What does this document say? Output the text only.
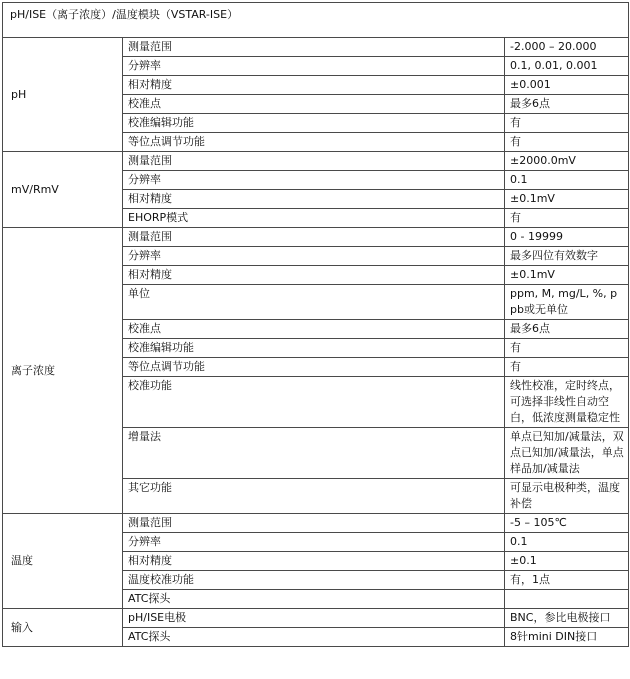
pH/ISE（离子浓度）/温度模块（VSTAR-ISE）		
pH	测量范围	-2.000 – 20.000
	分辨率	0.1, 0.01, 0.001
	相对精度	±0.001
	校准点	最多6点
	校准编辑功能	有
	等位点调节功能	有
mV/RmV	测量范围	±2000.0mV
	分辨率	0.1
	相对精度	±0.1mV
	EHORP模式	有
离子浓度	测量范围	0 - 19999
	分辨率	最多四位有效数字
	相对精度	±0.1mV
	单位	ppm, M, mg/L, %, ppb或无单位
	校准点	最多6点
	校准编辑功能	有
	等位点调节功能	有
	校准功能	线性校准，定时终点，可选择非线性自动空白，低浓度测量稳定性
	增量法	单点已知加/减量法，双点已知加/减量法，单点样品加/减量法
	其它功能	可显示电极种类，温度补偿
温度	测量范围	-5 – 105℃
	分辨率	0.1
	相对精度	±0.1
	温度校准功能	有，1点
	ATC探头	
输入	pH/ISE电极	BNC，参比电极接口
	ATC探头	8针mini DIN接口
